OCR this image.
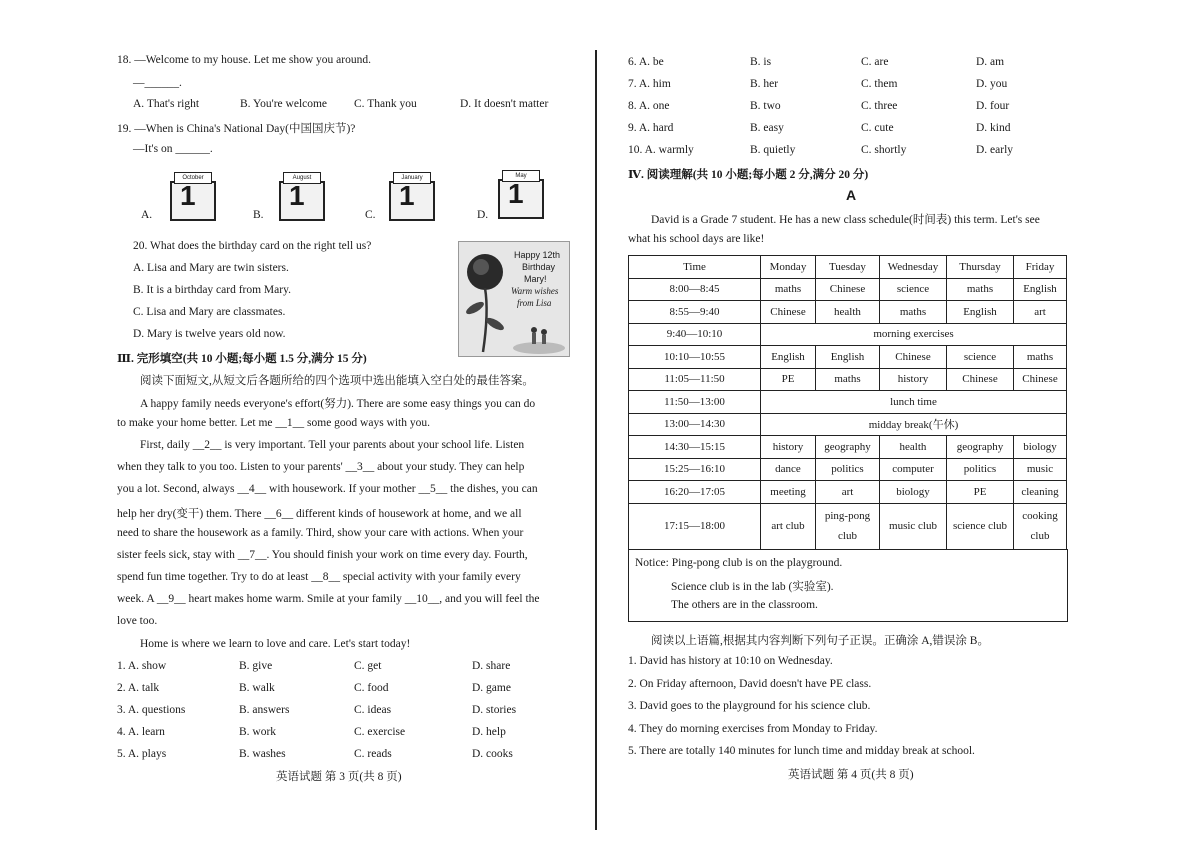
18. —Welcome to my house. Let me show you around.
—______.
A. That's right	B. You're welcome	C. Thank you	D. It doesn't matter
19. —When is China's National Day(中国国庆节)?
—It's on ______.
A.
October
1
B.
August
1
C.
January
1
D.
May
1
20. What does the birthday card on the right tell us?
A. Lisa and Mary are twin sisters.
B. It is a birthday card from Mary.
C. Lisa and Mary are classmates.
D. Mary is twelve years old now.
Happy 12th
Birthday
Mary!
Warm wishes
from Lisa
Ⅲ. 完形填空(共 10 小题;每小题 1.5 分,满分 15 分)
阅读下面短文,从短文后各题所给的四个选项中选出能填入空白处的最佳答案。
A happy family needs everyone's effort(努力). There are some easy things you can do
to make your home better. Let me __1__ some good ways with you.
First, daily __2__ is very important. Tell your parents about your school life. Listen
when they talk to you too. Listen to your parents' __3__ about your study. They can help
you a lot. Second, always __4__ with housework. If your mother __5__ the dishes, you can
help her dry(变干) them. There __6__ different kinds of housework at home, and we all
need to share the housework as a family. Third, show your care with actions. When your
sister feels sick, stay with __7__. You should finish your work on time every day. Fourth,
spend fun time together. Try to do at least __8__ special activity with your family every
week. A __9__ heart makes home warm. Smile at your family __10__, and you will feel the
love too.
Home is where we learn to love and care. Let's start today!
1. A. show	B. give	C. get	D. share
2. A. talk	B. walk	C. food	D. game
3. A. questions	B. answers	C. ideas	D. stories
4. A. learn	B. work	C. exercise	D. help
5. A. plays	B. washes	C. reads	D. cooks
英语试题 第 3 页(共 8 页)
6. A. be	B. is	C. are	D. am
7. A. him	B. her	C. them	D. you
8. A. one	B. two	C. three	D. four
9. A. hard	B. easy	C. cute	D. kind
10. A. warmly	B. quietly	C. shortly	D. early
Ⅳ. 阅读理解(共 10 小题;每小题 2 分,满分 20 分)
A
David is a Grade 7 student. He has a new class schedule(时间表) this term. Let's see
what his school days are like!
Time	Monday	Tuesday	Wednesday	Thursday	Friday
8:00—8:45	maths	Chinese	science	maths	English
8:55—9:40	Chinese	health	maths	English	art
9:40—10:10	morning exercises				
10:10—10:55	English	English	Chinese	science	maths
11:05—11:50	PE	maths	history	Chinese	Chinese
11:50—13:00	lunch time				
13:00—14:30	midday break(午休)				
14:30—15:15	history	geography	health	geography	biology
15:25—16:10	dance	politics	computer	politics	music
16:20—17:05	meeting	art	biology	PE	cleaning
17:15—18:00	art club	ping-pong club	music club	science club	cooking club
Notice: Ping-pong club is on the playground.
Science club is in the lab (实验室).
The others are in the classroom.
阅读以上语篇,根据其内容判断下列句子正误。正确涂 A,错误涂 B。
1. David has history at 10:10 on Wednesday.
2. On Friday afternoon, David doesn't have PE class.
3. David goes to the playground for his science club.
4. They do morning exercises from Monday to Friday.
5. There are totally 140 minutes for lunch time and midday break at school.
英语试题 第 4 页(共 8 页)
